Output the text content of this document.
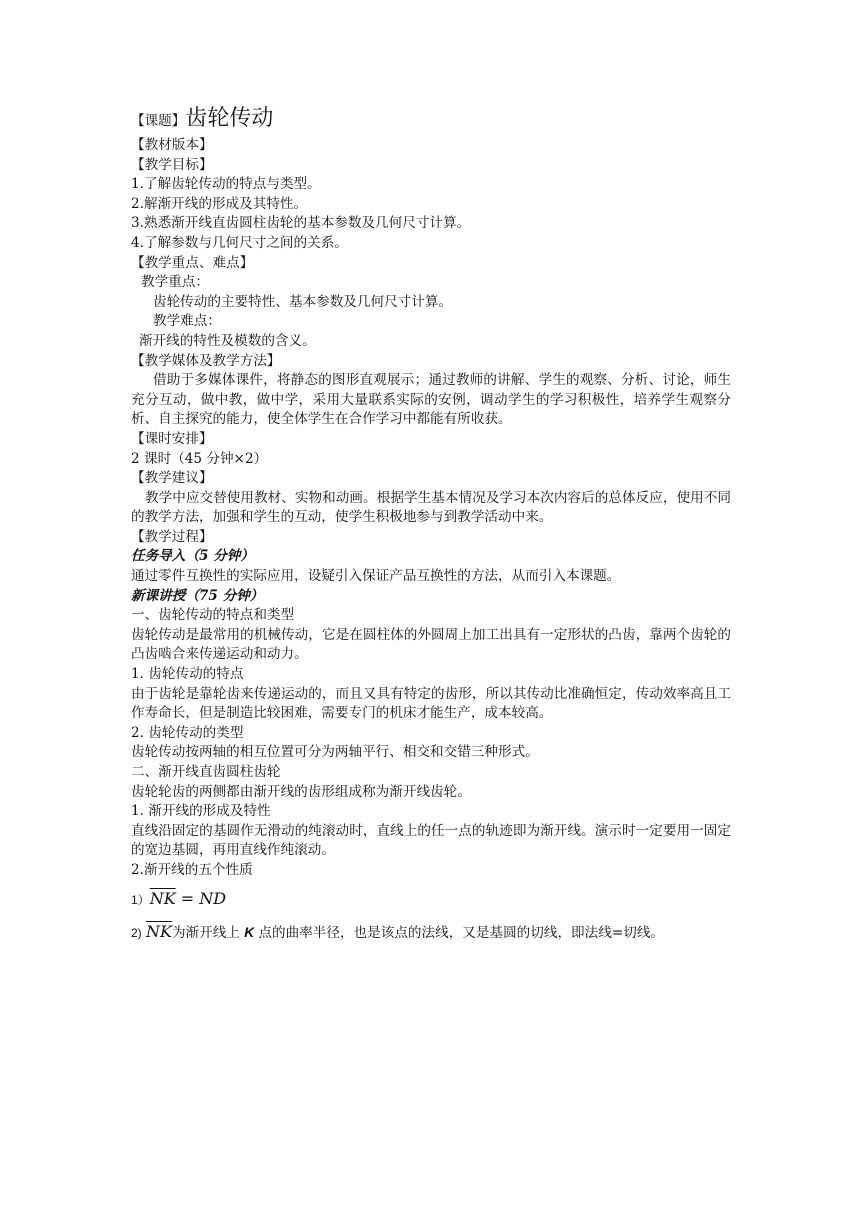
【课题】齿轮传动

【教材版本】

【教学目标】

1.了解齿轮传动的特点与类型。

2.解渐开线的形成及其特性。

3.熟悉渐开线直齿圆柱齿轮的基本参数及几何尺寸计算。

4.了解参数与几何尺寸之间的关系。

【教学重点、难点】

教学重点：

齿轮传动的主要特性、基本参数及几何尺寸计算。

教学难点：

渐开线的特性及模数的含义。

【教学媒体及教学方法】

借助于多媒体课件，将静态的图形直观展示；通过教师的讲解、学生的观察、分析、讨论，师生充分互动，做中教，做中学，采用大量联系实际的安例，调动学生的学习积极性，培养学生观察分析、自主探究的能力，使全体学生在合作学习中都能有所收获。

【课时安排】

2 课时（45 分钟×2）

【教学建议】

教学中应交替使用教材、实物和动画。根据学生基本情况及学习本次内容后的总体反应，使用不同的教学方法，加强和学生的互动，使学生积极地参与到教学活动中来。

【教学过程】

任务导入（5 分钟）

通过零件互换性的实际应用，设疑引入保证产品互换性的方法，从而引入本课题。

新课讲授（75 分钟）

一、齿轮传动的特点和类型

齿轮传动是最常用的机械传动，它是在圆柱体的外圆周上加工出具有一定形状的凸齿，靠两个齿轮的凸齿啮合来传递运动和动力。

1. 齿轮传动的特点

由于齿轮是靠轮齿来传递运动的，而且又具有特定的齿形，所以其传动比准确恒定，传动效率高且工作寿命长，但是制造比较困难，需要专门的机床才能生产，成本较高。

2. 齿轮传动的类型

齿轮传动按两轴的相互位置可分为两轴平行、相交和交错三种形式。

二、渐开线直齿圆柱齿轮

齿轮轮齿的两侧都由渐开线的齿形组成称为渐开线齿轮。

1. 渐开线的形成及特性

直线沿固定的基圆作无滑动的纯滚动时，直线上的任一点的轨迹即为渐开线。演示时一定要用一固定的宽边基圆，再用直线作纯滚动。

2.渐开线的五个性质

$1)\overline{NK}$ = ND

2) $\overline{NK}$为渐开线上 K 点的曲率半径，也是该点的法线，又是基圆的切线，即法线=切线。
